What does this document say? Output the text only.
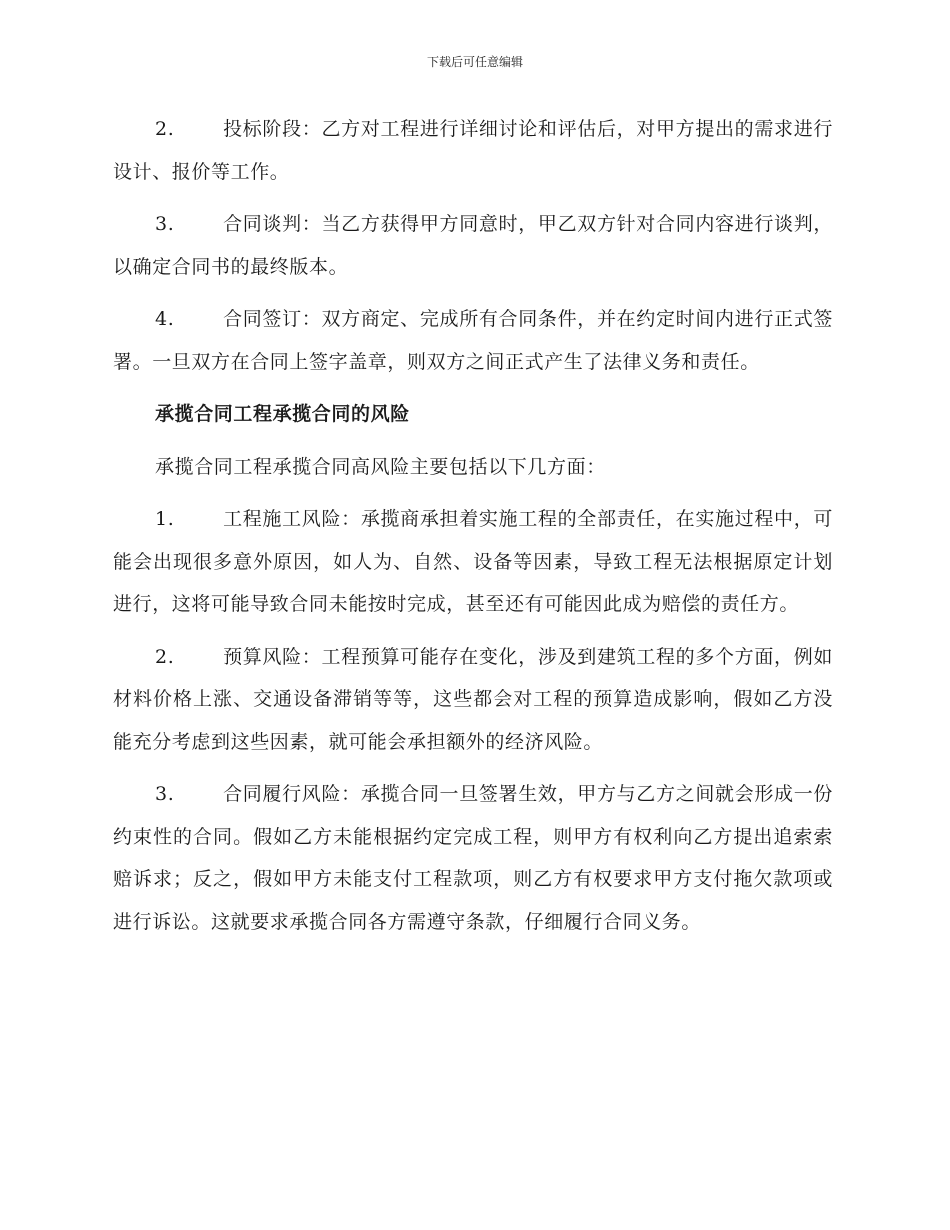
下载后可任意编辑

2.	投标阶段：乙方对工程进行详细讨论和评估后，对甲方提出的需求进行设计、报价等工作。

3.	合同谈判：当乙方获得甲方同意时，甲乙双方针对合同内容进行谈判，以确定合同书的最终版本。

4.	合同签订：双方商定、完成所有合同条件，并在约定时间内进行正式签署。一旦双方在合同上签字盖章，则双方之间正式产生了法律义务和责任。

承揽合同工程承揽合同的风险

承揽合同工程承揽合同高风险主要包括以下几方面：

1.	工程施工风险：承揽商承担着实施工程的全部责任，在实施过程中，可能会出现很多意外原因，如人为、自然、设备等因素，导致工程无法根据原定计划进行，这将可能导致合同未能按时完成，甚至还有可能因此成为赔偿的责任方。

2.	预算风险：工程预算可能存在变化，涉及到建筑工程的多个方面，例如材料价格上涨、交通设备滞销等等，这些都会对工程的预算造成影响，假如乙方没能充分考虑到这些因素，就可能会承担额外的经济风险。

3.	合同履行风险：承揽合同一旦签署生效，甲方与乙方之间就会形成一份约束性的合同。假如乙方未能根据约定完成工程，则甲方有权利向乙方提出追索索赔诉求；反之，假如甲方未能支付工程款项，则乙方有权要求甲方支付拖欠款项或进行诉讼。这就要求承揽合同各方需遵守条款，仔细履行合同义务。
